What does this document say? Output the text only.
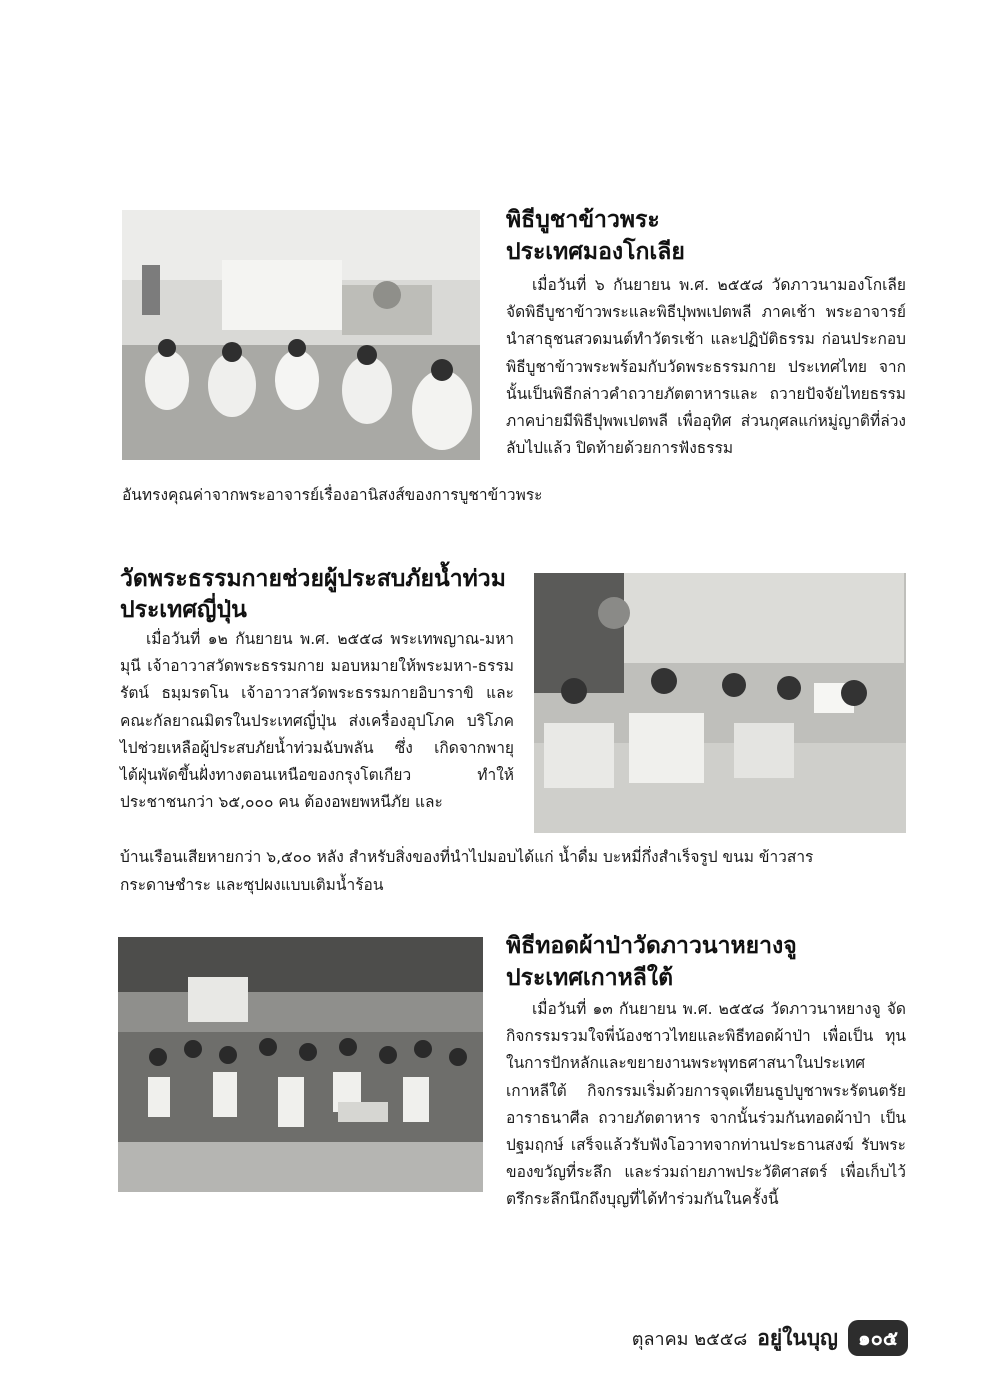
พิธีบูชาข้าวพระ
ประเทศมองโกเลีย

เมื่อวันที่ ๖ กันยายน พ.ศ. ๒๕๕๘ วัดภาวนามองโกเลีย จัดพิธีบูชาข้าวพระและพิธีปุพพเปตพลี ภาคเช้า พระอาจารย์นำสาธุชนสวดมนต์ทำวัตรเช้า และปฏิบัติธรรม ก่อนประกอบพิธีบูชาข้าวพระพร้อมกับวัดพระธรรมกาย ประเทศไทย จากนั้นเป็นพิธีกล่าวคำถวายภัตตาหารและ ถวายปัจจัยไทยธรรม ภาคบ่ายมีพิธีปุพพเปตพลี เพื่ออุทิศ ส่วนกุศลแก่หมู่ญาติที่ล่วงลับไปแล้ว ปิดท้ายด้วยการฟังธรรม

อันทรงคุณค่าจากพระอาจารย์เรื่องอานิสงส์ของการบูชาข้าวพระ

วัดพระธรรมกายช่วยผู้ประสบภัยน้ำท่วม
ประเทศญี่ปุ่น

เมื่อวันที่ ๑๒ กันยายน พ.ศ. ๒๕๕๘ พระเทพญาณ-มหามุนี เจ้าอาวาสวัดพระธรรมกาย มอบหมายให้พระมหา-ธรรมรัตน์ ธมฺมรตโน เจ้าอาวาสวัดพระธรรมกายอิบาราขิ และคณะกัลยาณมิตรในประเทศญี่ปุ่น ส่งเครื่องอุปโภค บริโภคไปช่วยเหลือผู้ประสบภัยน้ำท่วมฉับพลัน ซึ่ง เกิดจากพายุไต้ฝุ่นพัดขึ้นฝั่งทางตอนเหนือของกรุงโตเกียว ทำให้ประชาชนกว่า ๖๕,๐๐๐ คน ต้องอพยพหนีภัย และ

บ้านเรือนเสียหายกว่า ๖,๕๐๐ หลัง สำหรับสิ่งของที่นำไปมอบได้แก่ น้ำดื่ม บะหมี่กึ่งสำเร็จรูป ขนม ข้าวสาร

กระดาษชำระ และซุปผงแบบเติมน้ำร้อน

พิธีทอดผ้าป่าวัดภาวนาหยางจู
ประเทศเกาหลีใต้

เมื่อวันที่ ๑๓ กันยายน พ.ศ. ๒๕๕๘ วัดภาวนาหยางจู จัดกิจกรรมรวมใจพี่น้องชาวไทยและพิธีทอดผ้าป่า เพื่อเป็น ทุนในการปักหลักและขยายงานพระพุทธศาสนาในประเทศ เกาหลีใต้ กิจกรรมเริ่มด้วยการจุดเทียนธูปบูชาพระรัตนตรัย อาราธนาศีล ถวายภัตตาหาร จากนั้นร่วมกันทอดผ้าป่า เป็นปฐมฤกษ์ เสร็จแล้วรับฟังโอวาทจากท่านประธานสงฆ์ รับพระของขวัญที่ระลึก และร่วมถ่ายภาพประวัติศาสตร์ เพื่อเก็บไว้ตรึกระลึกนึกถึงบุญที่ได้ทำร่วมกันในครั้งนี้

ตุลาคม ๒๕๕๘ อยู่ในบุญ	๑๐๕
